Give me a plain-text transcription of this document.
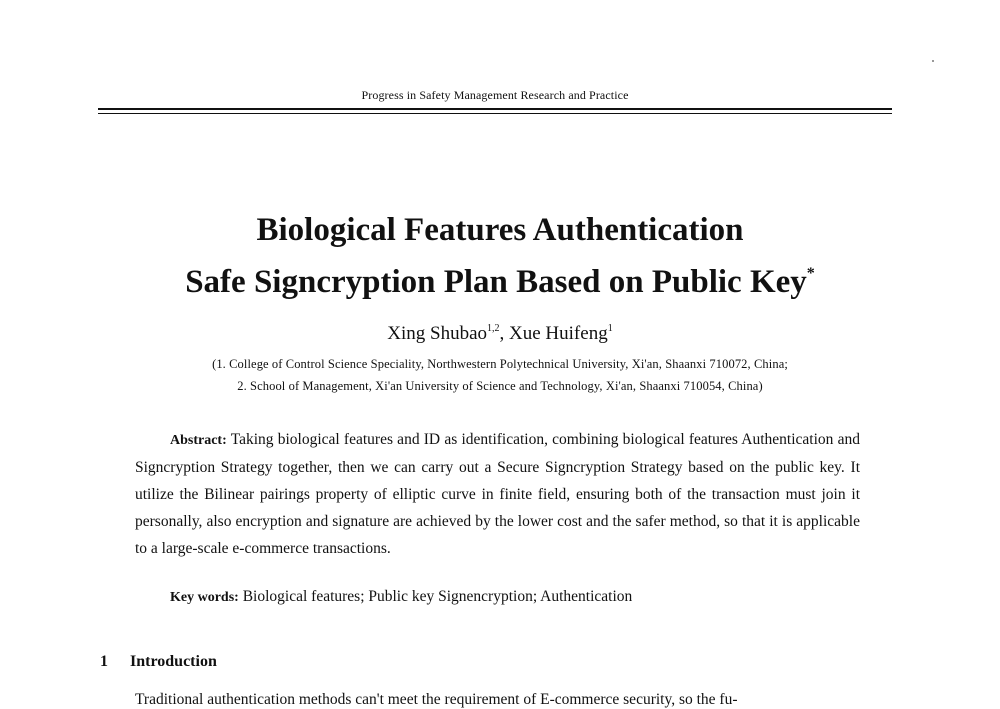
Progress in Safety Management Research and Practice
Biological Features Authentication
Safe Signcryption Plan Based on Public Key*
Xing Shubao$^{1,2}$, Xue Huifeng$^1$
(1. College of Control Science Speciality, Northwestern Polytechnical University, Xi'an, Shaanxi 710072, China;
2. School of Management, Xi'an University of Science and Technology, Xi'an, Shaanxi 710054, China)
Abstract: Taking biological features and ID as identification, combining biological features Authentication and Signcryption Strategy together, then we can carry out a Secure Signcryption Strategy based on the public key. It utilize the Bilinear pairings property of elliptic curve in finite field, ensuring both of the transaction must join it personally, also encryption and signature are achieved by the lower cost and the safer method, so that it is applicable to a large-scale e-commerce transactions.
Key words: Biological features; Public key Signencryption; Authentication
1 Introduction
Traditional authentication methods can't meet the requirement of E-commerce security, so the fu-
